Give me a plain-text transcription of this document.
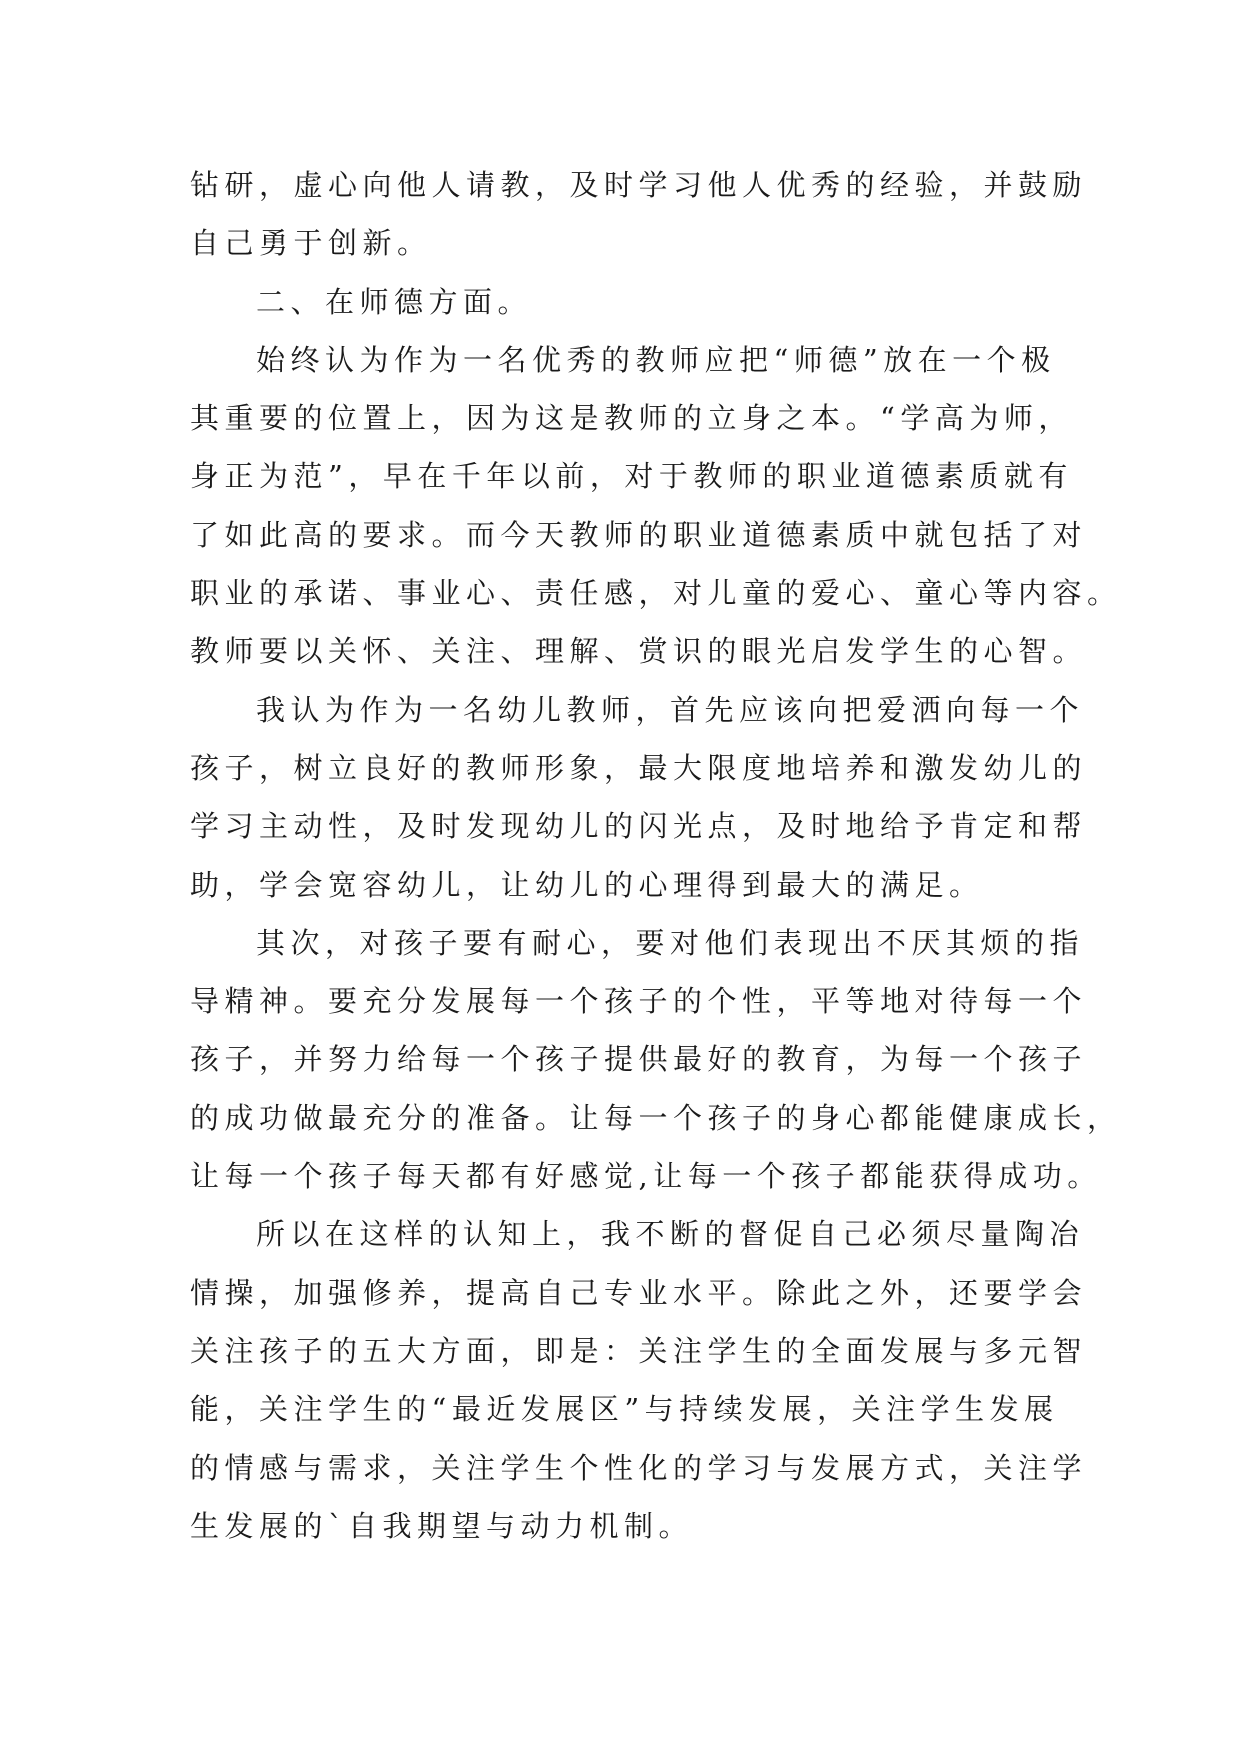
钻研，虚心向他人请教，及时学习他人优秀的经验，并鼓励
自己勇于创新。
二、在师德方面。
始终认为作为一名优秀的教师应把“师德”放在一个极
其重要的位置上，因为这是教师的立身之本。“学高为师，
身正为范”，早在千年以前，对于教师的职业道德素质就有
了如此高的要求。而今天教师的职业道德素质中就包括了对
职业的承诺、事业心、责任感，对儿童的爱心、童心等内容。
教师要以关怀、关注、理解、赏识的眼光启发学生的心智。
我认为作为一名幼儿教师，首先应该向把爱洒向每一个
孩子，树立良好的教师形象，最大限度地培养和激发幼儿的
学习主动性，及时发现幼儿的闪光点，及时地给予肯定和帮
助，学会宽容幼儿，让幼儿的心理得到最大的满足。
其次，对孩子要有耐心，要对他们表现出不厌其烦的指
导精神。要充分发展每一个孩子的个性，平等地对待每一个
孩子，并努力给每一个孩子提供最好的教育，为每一个孩子
的成功做最充分的准备。让每一个孩子的身心都能健康成长，
让每一个孩子每天都有好感觉,让每一个孩子都能获得成功。
所以在这样的认知上，我不断的督促自己必须尽量陶冶
情操，加强修养，提高自己专业水平。除此之外，还要学会
关注孩子的五大方面，即是：关注学生的全面发展与多元智
能，关注学生的“最近发展区”与持续发展，关注学生发展
的情感与需求，关注学生个性化的学习与发展方式，关注学
生发展的`自我期望与动力机制。
